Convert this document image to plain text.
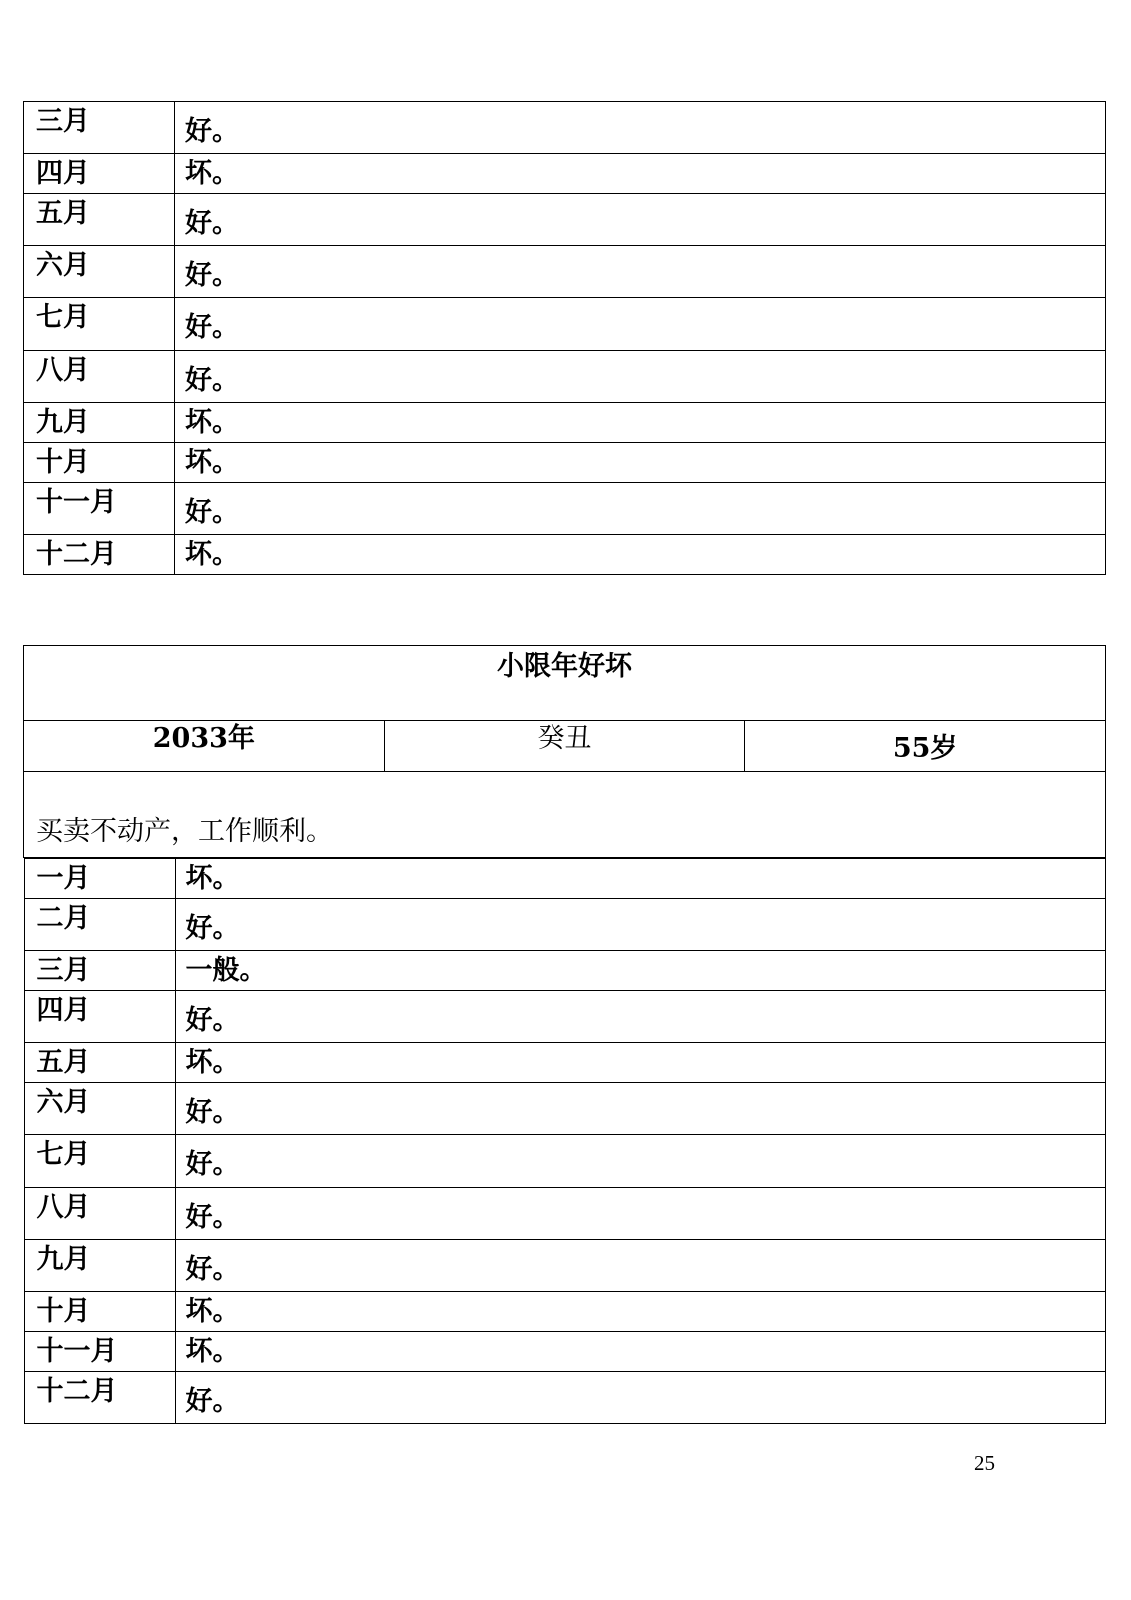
三月	好。
四月	坏。
五月	好。
六月	好。
七月	好。
八月	好。
九月	坏。
十月	坏。
十一月	好。
十二月	坏。
小限年好坏
2033年	癸丑	55岁
买卖不动产，工作顺利。

一月	坏。
二月	好。
三月	一般。
四月	好。
五月	坏。
六月	好。
七月	好。
八月	好。
九月	好。
十月	坏。
十一月	坏。
十二月	好。
25
